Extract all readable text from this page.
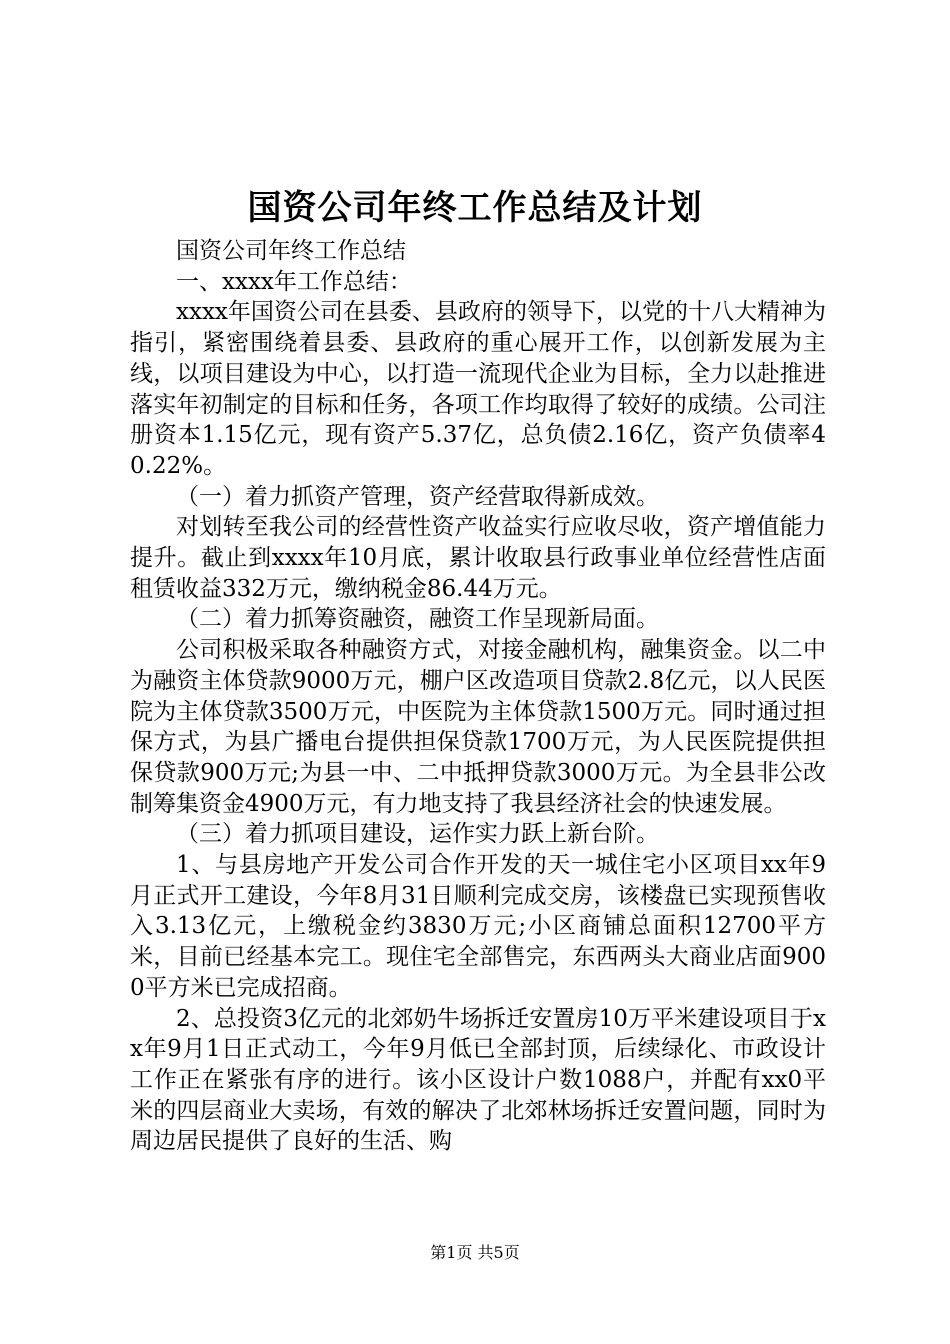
国资公司年终工作总结及计划

国资公司年终工作总结

一、xxxx年工作总结：

xxxx年国资公司在县委、县政府的领导下，以党的十八大精神为指引，紧密围绕着县委、县政府的重心展开工作，以创新发展为主线，以项目建设为中心，以打造一流现代企业为目标，全力以赴推进落实年初制定的目标和任务，各项工作均取得了较好的成绩。公司注册资本1.15亿元，现有资产5.37亿，总负债2.16亿，资产负债率40.22%。

（一）着力抓资产管理，资产经营取得新成效。

对划转至我公司的经营性资产收益实行应收尽收，资产增值能力提升。截止到xxxx年10月底，累计收取县行政事业单位经营性店面租赁收益332万元，缴纳税金86.44万元。

（二）着力抓筹资融资，融资工作呈现新局面。

公司积极采取各种融资方式，对接金融机构，融集资金。以二中为融资主体贷款9000万元，棚户区改造项目贷款2.8亿元，以人民医院为主体贷款3500万元，中医院为主体贷款1500万元。同时通过担保方式，为县广播电台提供担保贷款1700万元，为人民医院提供担保贷款900万元;为县一中、二中抵押贷款3000万元。为全县非公改制筹集资金4900万元，有力地支持了我县经济社会的快速发展。

（三）着力抓项目建设，运作实力跃上新台阶。

1、与县房地产开发公司合作开发的天一城住宅小区项目xx年9月正式开工建设，今年8月31日顺利完成交房，该楼盘已实现预售收入3.13亿元，上缴税金约3830万元;小区商铺总面积12700平方米，目前已经基本完工。现住宅全部售完，东西两头大商业店面9000平方米已完成招商。

2、总投资3亿元的北郊奶牛场拆迁安置房10万平米建设项目于xx年9月1日正式动工，今年9月低已全部封顶，后续绿化、市政设计工作正在紧张有序的进行。该小区设计户数1088户，并配有xx0平米的四层商业大卖场，有效的解决了北郊林场拆迁安置问题，同时为周边居民提供了良好的生活、购

第1页 共5页
